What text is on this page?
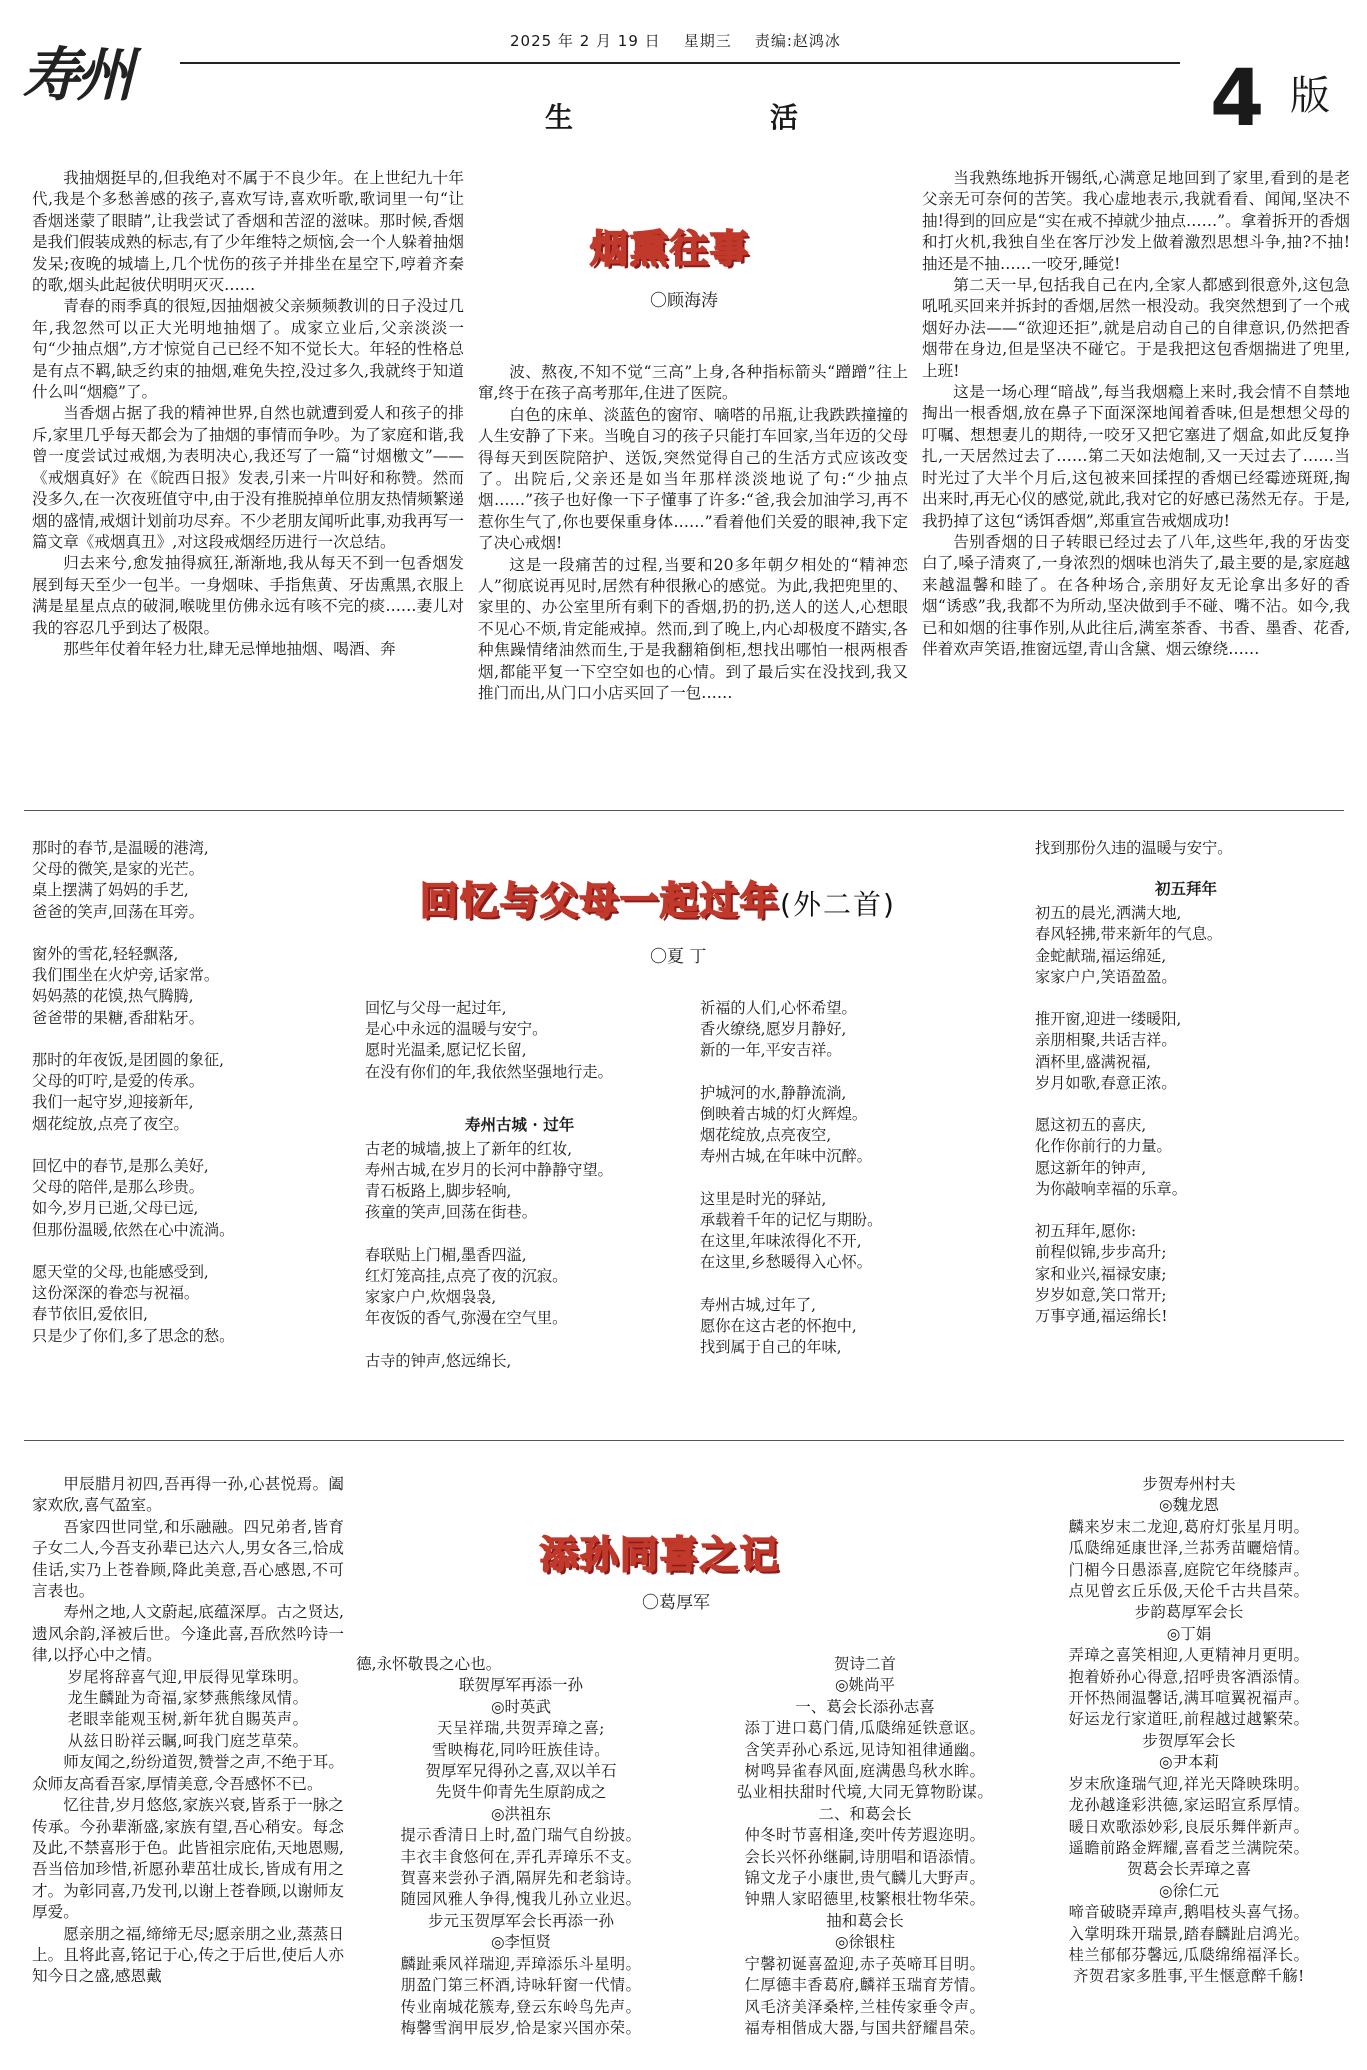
寿州	2025 年 2 月 19 日 星期三 责编:赵鸿冰
生	活	4 版

我抽烟挺早的,但我绝对不属于不良少年。在上世纪九十年代,我是个多愁善感的孩子,喜欢写诗,喜欢听歌,歌词里一句“让香烟迷蒙了眼睛”,让我尝试了香烟和苦涩的滋味。那时候,香烟是我们假装成熟的标志,有了少年维特之烦恼,会一个人躲着抽烟发呆;夜晚的城墙上,几个忧伤的孩子并排坐在星空下,哼着齐秦的歌,烟头此起彼伏明明灭灭……

青春的雨季真的很短,因抽烟被父亲频频教训的日子没过几年,我忽然可以正大光明地抽烟了。成家立业后,父亲淡淡一句“少抽点烟”,方才惊觉自己已经不知不觉长大。年轻的性格总是有点不羁,缺乏约束的抽烟,难免失控,没过多久,我就终于知道什么叫“烟瘾”了。

当香烟占据了我的精神世界,自然也就遭到爱人和孩子的排斥,家里几乎每天都会为了抽烟的事情而争吵。为了家庭和谐,我曾一度尝试过戒烟,为表明决心,我还写了一篇“讨烟檄文”——《戒烟真好》在《皖西日报》发表,引来一片叫好和称赞。然而没多久,在一次夜班值守中,由于没有推脱掉单位朋友热情频繁递烟的盛情,戒烟计划前功尽弃。不少老朋友闻听此事,劝我再写一篇文章《戒烟真丑》,对这段戒烟经历进行一次总结。

归去来兮,愈发抽得疯狂,渐渐地,我从每天不到一包香烟发展到每天至少一包半。一身烟味、手指焦黄、牙齿熏黑,衣服上满是星星点点的破洞,喉咙里仿佛永远有咳不完的痰……妻儿对我的容忍几乎到达了极限。

那些年仗着年轻力壮,肆无忌惮地抽烟、喝酒、奔

烟熏往事
〇顾海涛

波、熬夜,不知不觉“三高”上身,各种指标箭头“蹭蹭”往上窜,终于在孩子高考那年,住进了医院。

白色的床单、淡蓝色的窗帘、嘀嗒的吊瓶,让我跌跌撞撞的人生安静了下来。当晚自习的孩子只能打车回家,当年迈的父母得每天到医院陪护、送饭,突然觉得自己的生活方式应该改变了。出院后,父亲还是如当年那样淡淡地说了句:“少抽点烟……”孩子也好像一下子懂事了许多:“爸,我会加油学习,再不惹你生气了,你也要保重身体……”看着他们关爱的眼神,我下定了决心戒烟!

这是一段痛苦的过程,当要和20多年朝夕相处的“精神恋人”彻底说再见时,居然有种很揪心的感觉。为此,我把兜里的、家里的、办公室里所有剩下的香烟,扔的扔,送人的送人,心想眼不见心不烦,肯定能戒掉。然而,到了晚上,内心却极度不踏实,各种焦躁情绪油然而生,于是我翻箱倒柜,想找出哪怕一根两根香烟,都能平复一下空空如也的心情。到了最后实在没找到,我又推门而出,从门口小店买回了一包……

当我熟练地拆开锡纸,心满意足地回到了家里,看到的是老父亲无可奈何的苦笑。我心虚地表示,我就看看、闻闻,坚决不抽!得到的回应是“实在戒不掉就少抽点……”。拿着拆开的香烟和打火机,我独自坐在客厅沙发上做着激烈思想斗争,抽?不抽!抽还是不抽……一咬牙,睡觉!

第二天一早,包括我自己在内,全家人都感到很意外,这包急吼吼买回来并拆封的香烟,居然一根没动。我突然想到了一个戒烟好办法——“欲迎还拒”,就是启动自己的自律意识,仍然把香烟带在身边,但是坚决不碰它。于是我把这包香烟揣进了兜里,上班!

这是一场心理“暗战”,每当我烟瘾上来时,我会情不自禁地掏出一根香烟,放在鼻子下面深深地闻着香味,但是想想父母的叮嘱、想想妻儿的期待,一咬牙又把它塞进了烟盒,如此反复挣扎,一天居然过去了……第二天如法炮制,又一天过去了……当时光过了大半个月后,这包被来回揉捏的香烟已经霉迹斑斑,掏出来时,再无心仪的感觉,就此,我对它的好感已荡然无存。于是,我扔掉了这包“诱饵香烟”,郑重宣告戒烟成功!

告别香烟的日子转眼已经过去了八年,这些年,我的牙齿变白了,嗓子清爽了,一身浓烈的烟味也消失了,最主要的是,家庭越来越温馨和睦了。在各种场合,亲朋好友无论拿出多好的香烟“诱惑”我,我都不为所动,坚决做到手不碰、嘴不沾。如今,我已和如烟的往事作别,从此往后,满室茶香、书香、墨香、花香,伴着欢声笑语,推窗远望,青山含黛、烟云缭绕……

那时的春节,是温暖的港湾,
父母的微笑,是家的光芒。
桌上摆满了妈妈的手艺,
爸爸的笑声,回荡在耳旁。

窗外的雪花,轻轻飘落,
我们围坐在火炉旁,话家常。
妈妈蒸的花馍,热气腾腾,
爸爸带的果糖,香甜粘牙。

那时的年夜饭,是团圆的象征,
父母的叮咛,是爱的传承。
我们一起守岁,迎接新年,
烟花绽放,点亮了夜空。

回忆中的春节,是那么美好,
父母的陪伴,是那么珍贵。
如今,岁月已逝,父母已远,
但那份温暖,依然在心中流淌。

愿天堂的父母,也能感受到,
这份深深的眷恋与祝福。
春节依旧,爱依旧,
只是少了你们,多了思念的愁。
回忆与父母一起过年(外二首)
〇夏 丁
回忆与父母一起过年,
是心中永远的温暖与安宁。
愿时光温柔,愿记忆长留,
在没有你们的年,我依然坚强地行走。
寿州古城 · 过年
古老的城墙,披上了新年的红妆,
寿州古城,在岁月的长河中静静守望。
青石板路上,脚步轻响,
孩童的笑声,回荡在街巷。

春联贴上门楣,墨香四溢,
红灯笼高挂,点亮了夜的沉寂。
家家户户,炊烟袅袅,
年夜饭的香气,弥漫在空气里。

古寺的钟声,悠远绵长,
祈福的人们,心怀希望。
香火缭绕,愿岁月静好,
新的一年,平安吉祥。

护城河的水,静静流淌,
倒映着古城的灯火辉煌。
烟花绽放,点亮夜空,
寿州古城,在年味中沉醉。

这里是时光的驿站,
承载着千年的记忆与期盼。
在这里,年味浓得化不开,
在这里,乡愁暖得入心怀。

寿州古城,过年了,
愿你在这古老的怀抱中,
找到属于自己的年味,
找到那份久违的温暖与安宁。
初五拜年
初五的晨光,洒满大地,
春风轻拂,带来新年的气息。
金蛇献瑞,福运绵延,
家家户户,笑语盈盈。

推开窗,迎进一缕暖阳,
亲朋相聚,共话吉祥。
酒杯里,盛满祝福,
岁月如歌,春意正浓。

愿这初五的喜庆,
化作你前行的力量。
愿这新年的钟声,
为你敲响幸福的乐章。

初五拜年,愿你:
前程似锦,步步高升;
家和业兴,福禄安康;
岁岁如意,笑口常开;
万事亨通,福运绵长!

甲辰腊月初四,吾再得一孙,心甚悦焉。阖家欢欣,喜气盈室。

吾家四世同堂,和乐融融。四兄弟者,皆育子女二人,今吾支孙辈已达六人,男女各三,恰成佳话,实乃上苍眷顾,降此美意,吾心感恩,不可言表也。

寿州之地,人文蔚起,底蕴深厚。古之贤达,遗风余韵,泽被后世。今逢此喜,吾欣然吟诗一律,以抒心中之情。

岁尾将辞喜气迎,甲辰得见掌珠明。
龙生麟趾为奇福,家梦燕熊缘凤情。
老眼幸能观玉树,新年犹自賜英声。
从兹日盼祥云瞩,呵我门庭芝草荣。

师友闻之,纷纷道贺,赞誉之声,不绝于耳。众师友高看吾家,厚情美意,令吾感怀不已。

忆往昔,岁月悠悠,家族兴衰,皆系于一脉之传承。今孙辈渐盛,家族有望,吾心稍安。每念及此,不禁喜形于色。此皆祖宗庇佑,天地恩赐,吾当倍加珍惜,祈愿孙辈茁壮成长,皆成有用之才。为彰同喜,乃发刊,以谢上苍眷顾,以谢师友厚爱。

愿亲朋之福,缔缔无尽;愿亲朋之业,蒸蒸日上。且将此喜,铭记于心,传之于后世,使后人亦知今日之盛,感恩戴

添孙同喜之记
〇葛厚军
德,永怀敬畏之心也。
联贺厚军再添一孙
◎时英武
天呈祥瑞,共贺弄璋之喜;
雪映梅花,同吟旺族佳诗。
贺厚军兄得孙之喜,双以羊石
先贤牛仰青先生原韵成之
◎洪祖东
提示香清日上时,盈门瑞气自纷披。
丰衣丰食悠何在,弄孔弄璋乐不支。
賀喜来尝孙子酒,隔屏先和老翁诗。
随园风雅人争得,愧我儿孙立业迟。
步元玉贺厚军会长再添一孙
◎李恒贤
麟趾乘风祥瑞迎,弄璋添乐斗星明。
朋盈门第三杯酒,诗咏轩窗一代情。
传业南城花簇寿,登云东岭鸟先声。
梅馨雪润甲辰岁,恰是家兴国亦荣。
贺诗二首
◎姚尚平
一、葛会长添孙志喜
添丁进口葛门倩,瓜瓞绵延铁意讴。
含笑弄孙心系远,见诗知祖律通幽。
树鸣异雀春风面,庭满愚鸟秋水眸。
弘业相扶甜时代境,大同无算物盼谋。
二、和葛会长
仲冬时节喜相逢,奕叶传芳遐迩明。
会长兴怀孙继嗣,诗朋唱和语添情。
锦文龙子小康世,贵气麟儿大野声。
钟鼎人家昭德里,枝繁根壮物华荣。
抽和葛会长
◎徐银柱
宁馨初诞喜盈迎,赤子英啼耳目明。
仁厚德丰香葛府,麟祥玉瑞育芳情。
风毛济美泽桑梓,兰桂传家垂令声。
福寿相偕成大器,与国共舒耀昌荣。
步贺寿州村夫
◎魏龙恩
麟来岁末二龙迎,葛府灯张星月明。
瓜瓞绵延康世泽,兰荪秀苗曬焙情。
门楣今日愚添喜,庭院它年绕膝声。
点见曾玄丘乐伋,天伦千古共昌荣。
步韵葛厚军会长
◎丁娟
弄璋之喜笑相迎,人更精神月更明。
抱着娇孙心得意,招呼贵客酒添情。
开怀热闹温馨话,满耳喧翼祝福声。
好运龙行家道旺,前程越过越繁荣。
步贺厚军会长
◎尹本莉
岁末欣逢瑞气迎,祥光天降映珠明。
龙孙越逢彩洪德,家运昭宣系厚情。
暖日欢歌添妙彩,良辰乐舞伴新声。
遥瞻前路金辉耀,喜看芝兰满院荣。
贺葛会长弄璋之喜
◎徐仁元
啼音破晓弄璋声,鹅唱枝头喜气扬。
入掌明珠开瑞景,踏春麟趾启鸿光。
桂兰郁郁芬馨远,瓜瓞绵绵福泽长。
齐贺君家多胜事,平生惬意醉千觞!
